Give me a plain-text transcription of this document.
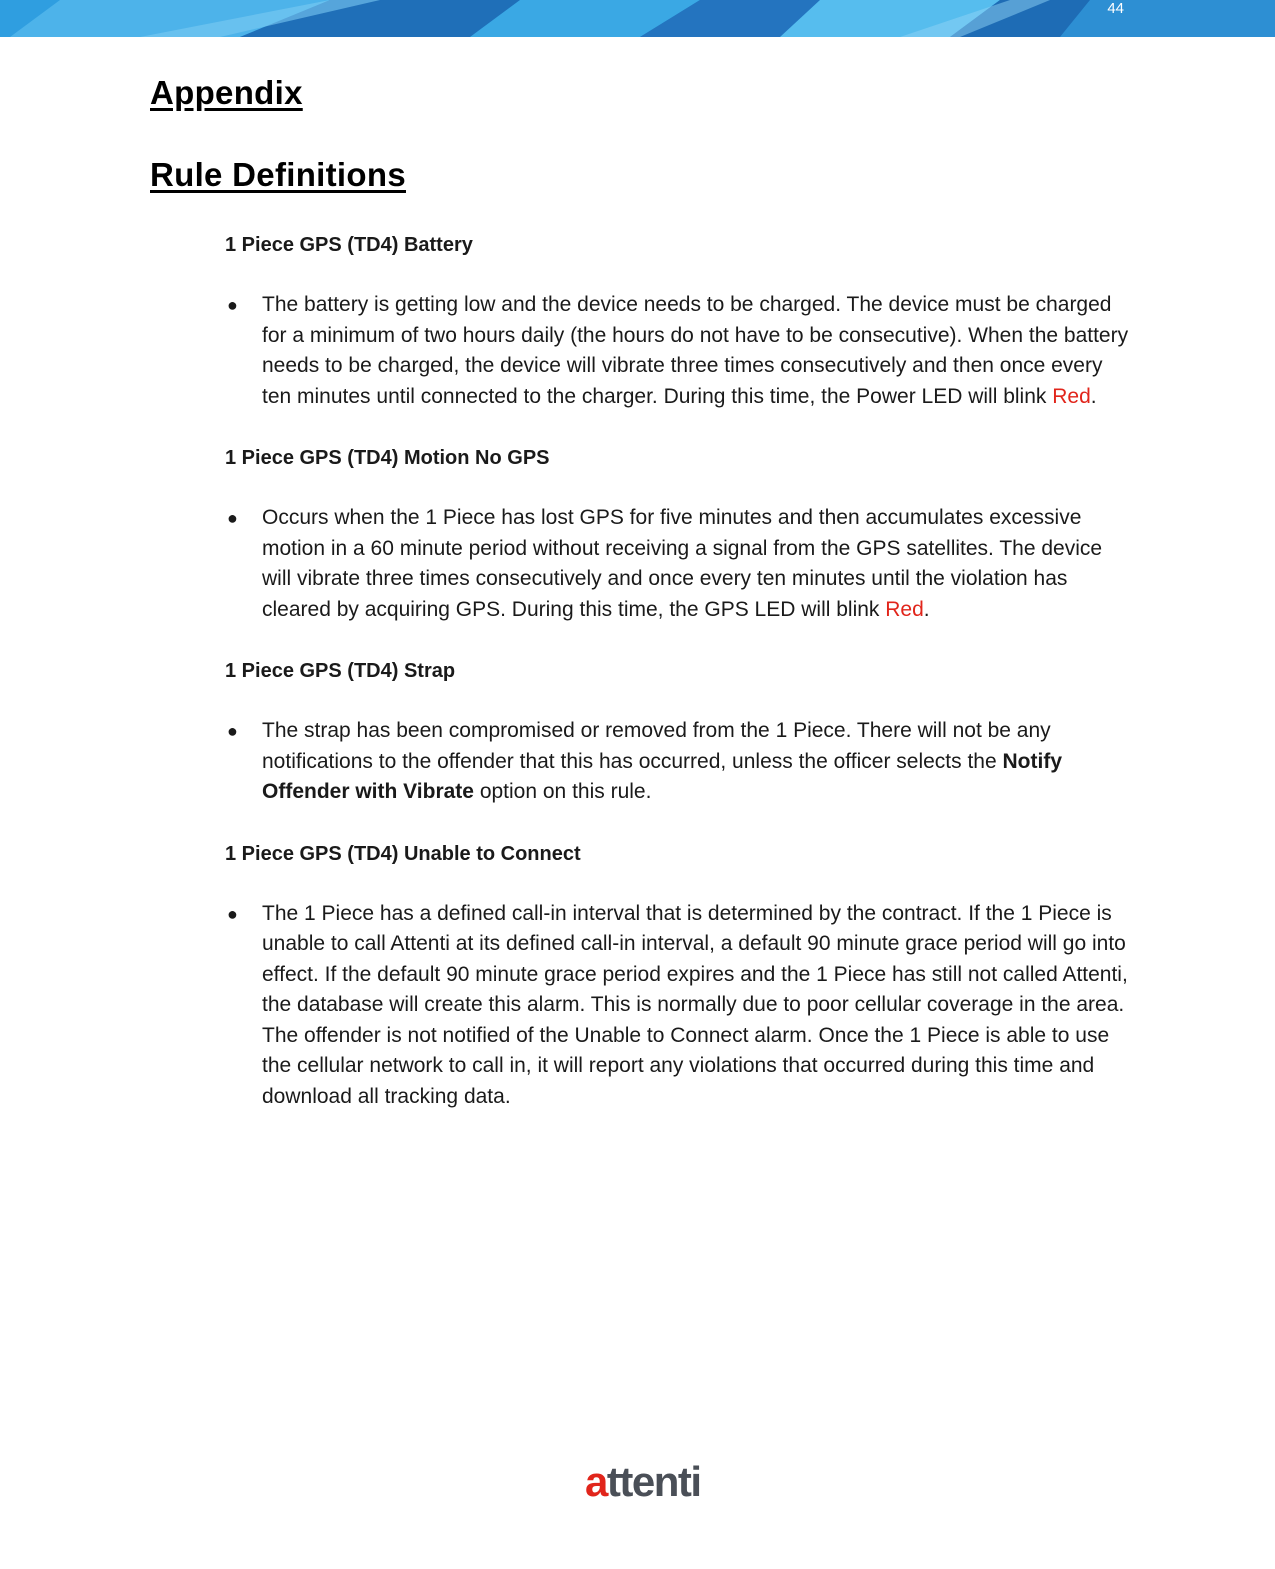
44
Appendix
Rule Definitions
1 Piece GPS (TD4) Battery
● The battery is getting low and the device needs to be charged. The device must be charged for a minimum of two hours daily (the hours do not have to be consecutive). When the battery needs to be charged, the device will vibrate three times consecutively and then once every ten minutes until connected to the charger. During this time, the Power LED will blink Red.
1 Piece GPS (TD4) Motion No GPS
● Occurs when the 1 Piece has lost GPS for five minutes and then accumulates excessive motion in a 60 minute period without receiving a signal from the GPS satellites. The device will vibrate three times consecutively and once every ten minutes until the violation has cleared by acquiring GPS. During this time, the GPS LED will blink Red.
1 Piece GPS (TD4) Strap
● The strap has been compromised or removed from the 1 Piece. There will not be any notifications to the offender that this has occurred, unless the officer selects the Notify Offender with Vibrate option on this rule.
1 Piece GPS (TD4) Unable to Connect
● The 1 Piece has a defined call-in interval that is determined by the contract. If the 1 Piece is unable to call Attenti at its defined call-in interval, a default 90 minute grace period will go into effect. If the default 90 minute grace period expires and the 1 Piece has still not called Attenti, the database will create this alarm. This is normally due to poor cellular coverage in the area. The offender is not notified of the Unable to Connect alarm. Once the 1 Piece is able to use the cellular network to call in, it will report any violations that occurred during this time and download all tracking data.
attenti
